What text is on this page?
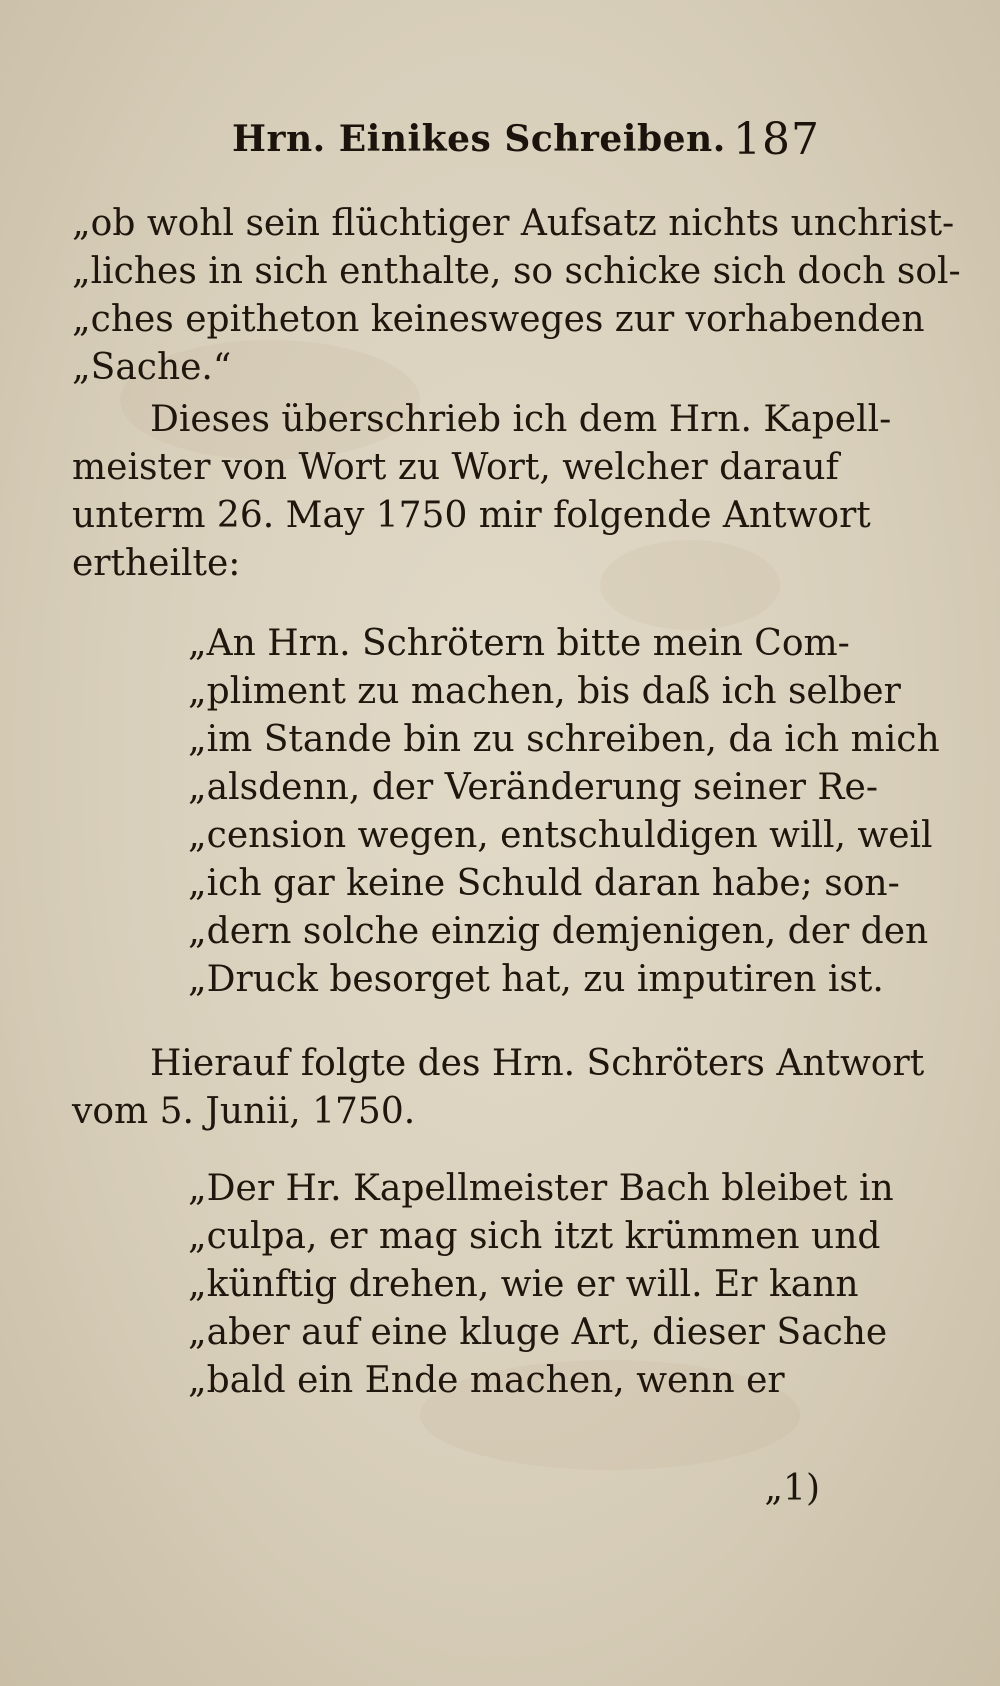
Hrn. Einikes Schreiben. 187
„ob wohl sein flüchtiger Aufsatz nichts unchrist-
„liches in sich enthalte, so schicke sich doch sol-
„ches epitheton keinesweges zur vorhabenden
„Sache.“
Dieses überschrieb ich dem Hrn. Kapell-
meister von Wort zu Wort, welcher darauf
unterm 26. May 1750 mir folgende Antwort
ertheilte:
„An Hrn. Schrötern bitte mein Com-
„pliment zu machen, bis daß ich selber
„im Stande bin zu schreiben, da ich mich
„alsdenn, der Veränderung seiner Re-
„cension wegen, entschuldigen will, weil
„ich gar keine Schuld daran habe; son-
„dern solche einzig demjenigen, der den
„Druck besorget hat, zu imputiren ist.
Hierauf folgte des Hrn. Schröters Antwort
vom 5. Junii, 1750.
„Der Hr. Kapellmeister Bach bleibet in
„culpa, er mag sich itzt krümmen und
„künftig drehen, wie er will. Er kann
„aber auf eine kluge Art, dieser Sache
„bald ein Ende machen, wenn er
„1)
